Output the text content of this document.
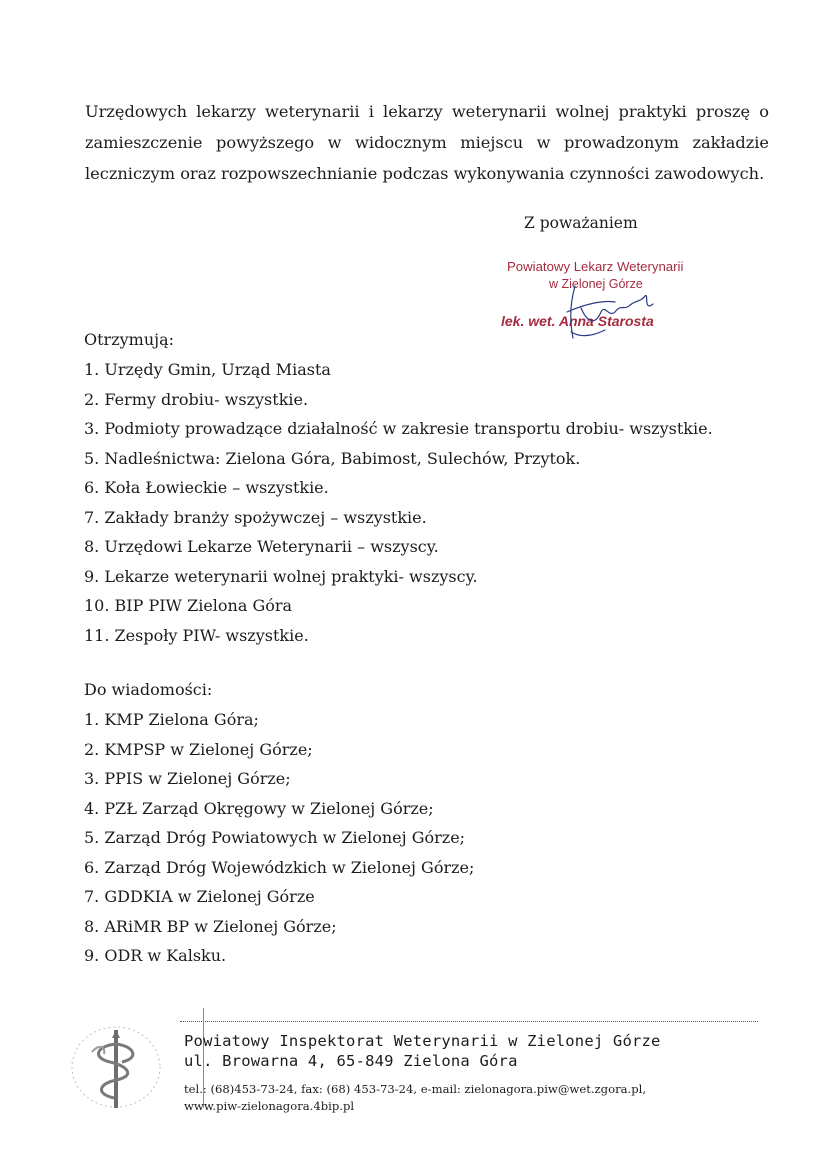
Urzędowych lekarzy weterynarii i lekarzy weterynarii wolnej praktyki proszę o zamieszczenie powyższego w widocznym miejscu w prowadzonym zakładzie leczniczym oraz rozpowszechnianie podczas wykonywania czynności zawodowych.

Z poważaniem

Powiatowy Lekarz Weterynarii
w Zielonej Górze
lek. wet. Anna Starosta

Otrzymują:

1. Urzędy Gmin, Urząd Miasta
2. Fermy drobiu- wszystkie.
3. Podmioty prowadzące działalność w zakresie transportu drobiu- wszystkie.
5. Nadleśnictwa: Zielona Góra, Babimost, Sulechów, Przytok.
6. Koła Łowieckie – wszystkie.
7. Zakłady branży spożywczej – wszystkie.
8. Urzędowi Lekarze Weterynarii – wszyscy.
9. Lekarze weterynarii wolnej praktyki- wszyscy.
10. BIP PIW Zielona Góra
11. Zespoły PIW- wszystkie.

Do wiadomości:

1. KMP Zielona Góra;
2. KMPSP w Zielonej Górze;
3. PPIS w Zielonej Górze;
4. PZŁ Zarząd Okręgowy w Zielonej Górze;
5. Zarząd Dróg Powiatowych w Zielonej Górze;
6. Zarząd Dróg Wojewódzkich w Zielonej Górze;
7. GDDKIA w Zielonej Górze
8. ARiMR BP w Zielonej Górze;
9. ODR w Kalsku.
Powiatowy Inspektorat Weterynarii w Zielonej Górze
ul. Browarna 4, 65-849 Zielona Góra
tel.: (68)453-73-24, fax: (68) 453-73-24, e-mail: zielonagora.piw@wet.zgora.pl,
www.piw-zielonagora.4bip.pl
